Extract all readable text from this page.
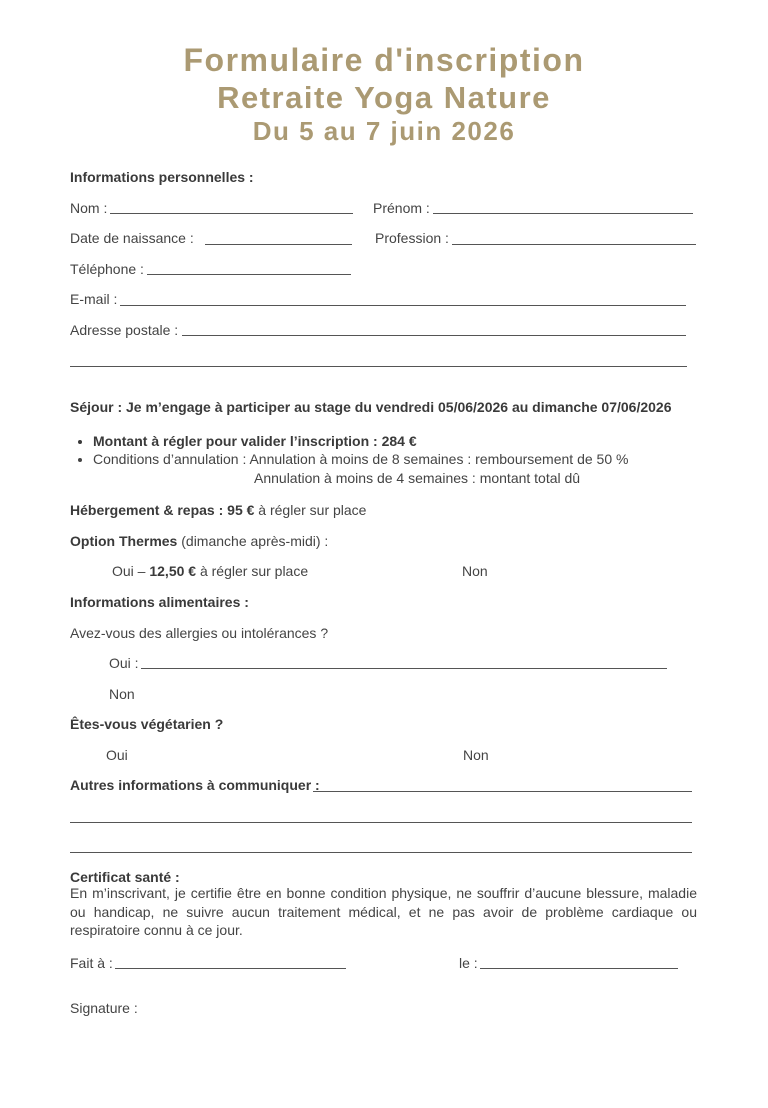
Formulaire d'inscription
Retraite Yoga Nature
Du 5 au 7 juin 2026
Informations personnelles :
Nom :	Prénom :
Date de naissance :	Profession :
Téléphone :
E-mail :
Adresse postale :
Séjour : Je m’engage à participer au stage du vendredi 05/06/2026 au dimanche 07/06/2026
• Montant à régler pour valider l’inscription : 284 €
• Conditions d’annulation : Annulation à moins de 8 semaines : remboursement de 50 %
Annulation à moins de 4 semaines : montant total dû
Hébergement & repas : 95 € à régler sur place
Option Thermes (dimanche après-midi) :
Oui – 12,50 € à régler sur place	Non
Informations alimentaires :
Avez-vous des allergies ou intolérances ?
Oui :
Non
Êtes-vous végétarien ?
Oui	Non
Autres informations à communiquer :
Certificat santé :
En m’inscrivant, je certifie être en bonne condition physique, ne souffrir d’aucune blessure, maladie ou handicap, ne suivre aucun traitement médical, et ne pas avoir de problème cardiaque ou respiratoire connu à ce jour.
Fait à :	le :
Signature :
